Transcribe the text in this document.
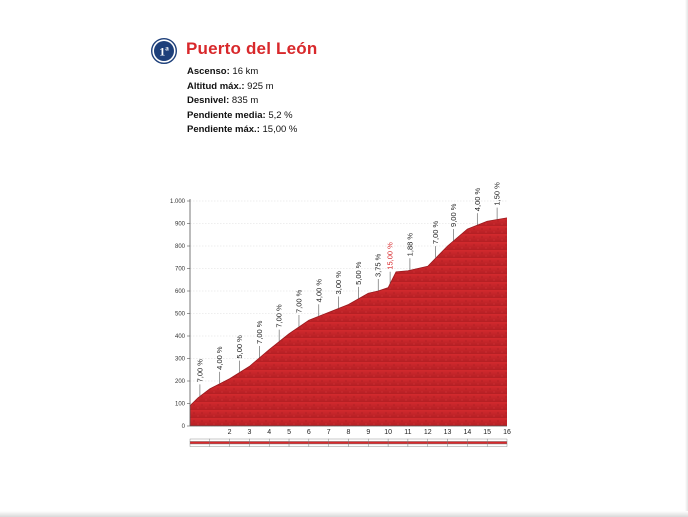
1ª Puerto del León
Ascenso: 16 km
Altitud máx.: 925 m
Desnivel: 835 m
Pendiente media: 5,2 %
Pendiente máx.: 15,00 %
0
100
200
300
400
500
600
700
800
900
1.000
2 3 4 5 6 7 8 9 10 11 12 13 14 15 16
7,00 %
4,00 % 5,00 %
7,00 %
7,00 %
7,00 % 4,00 % 3,00 % 5,00 % 3,75 % 15,00 % 1,88 %
7,00 %
9,00 %
4,00 % 1,50 %
